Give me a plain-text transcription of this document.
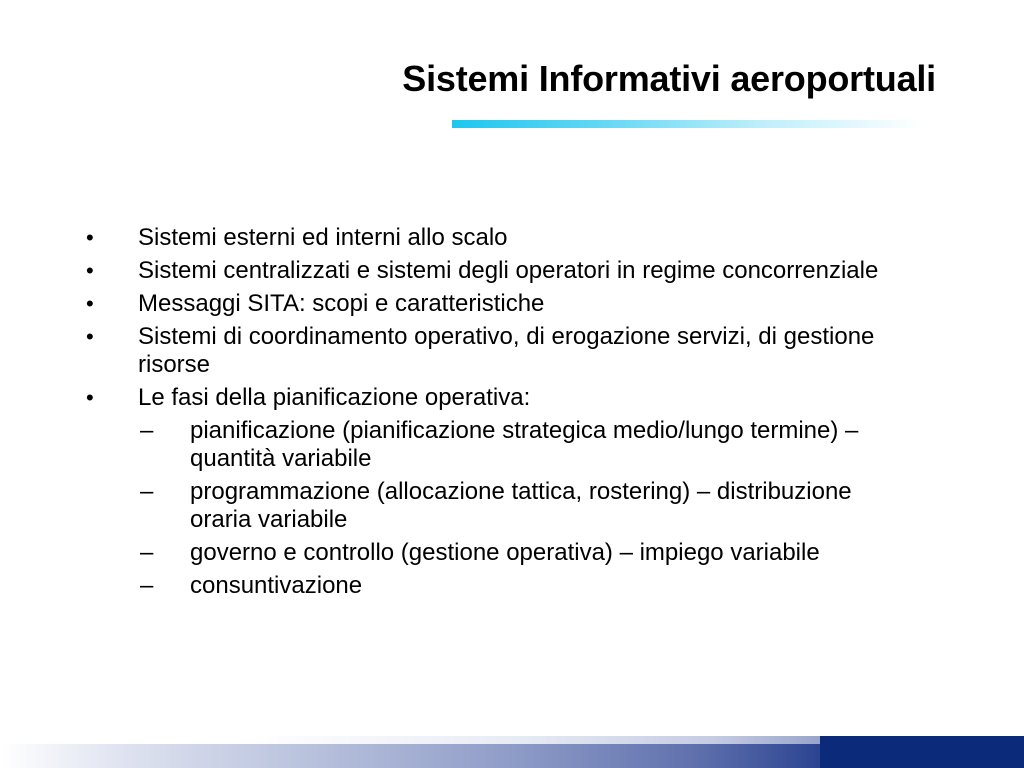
Sistemi Informativi aeroportuali
• Sistemi esterni ed interni allo scalo
• Sistemi centralizzati e sistemi degli operatori in regime concorrenziale
• Messaggi SITA: scopi e caratteristiche
• Sistemi di coordinamento operativo, di erogazione servizi, di gestione risorse
• Le fasi della pianificazione operativa:
– pianificazione (pianificazione strategica medio/lungo termine) – quantità variabile
– programmazione (allocazione tattica, rostering) – distribuzione oraria variabile
– governo e controllo (gestione operativa) – impiego variabile
– consuntivazione
